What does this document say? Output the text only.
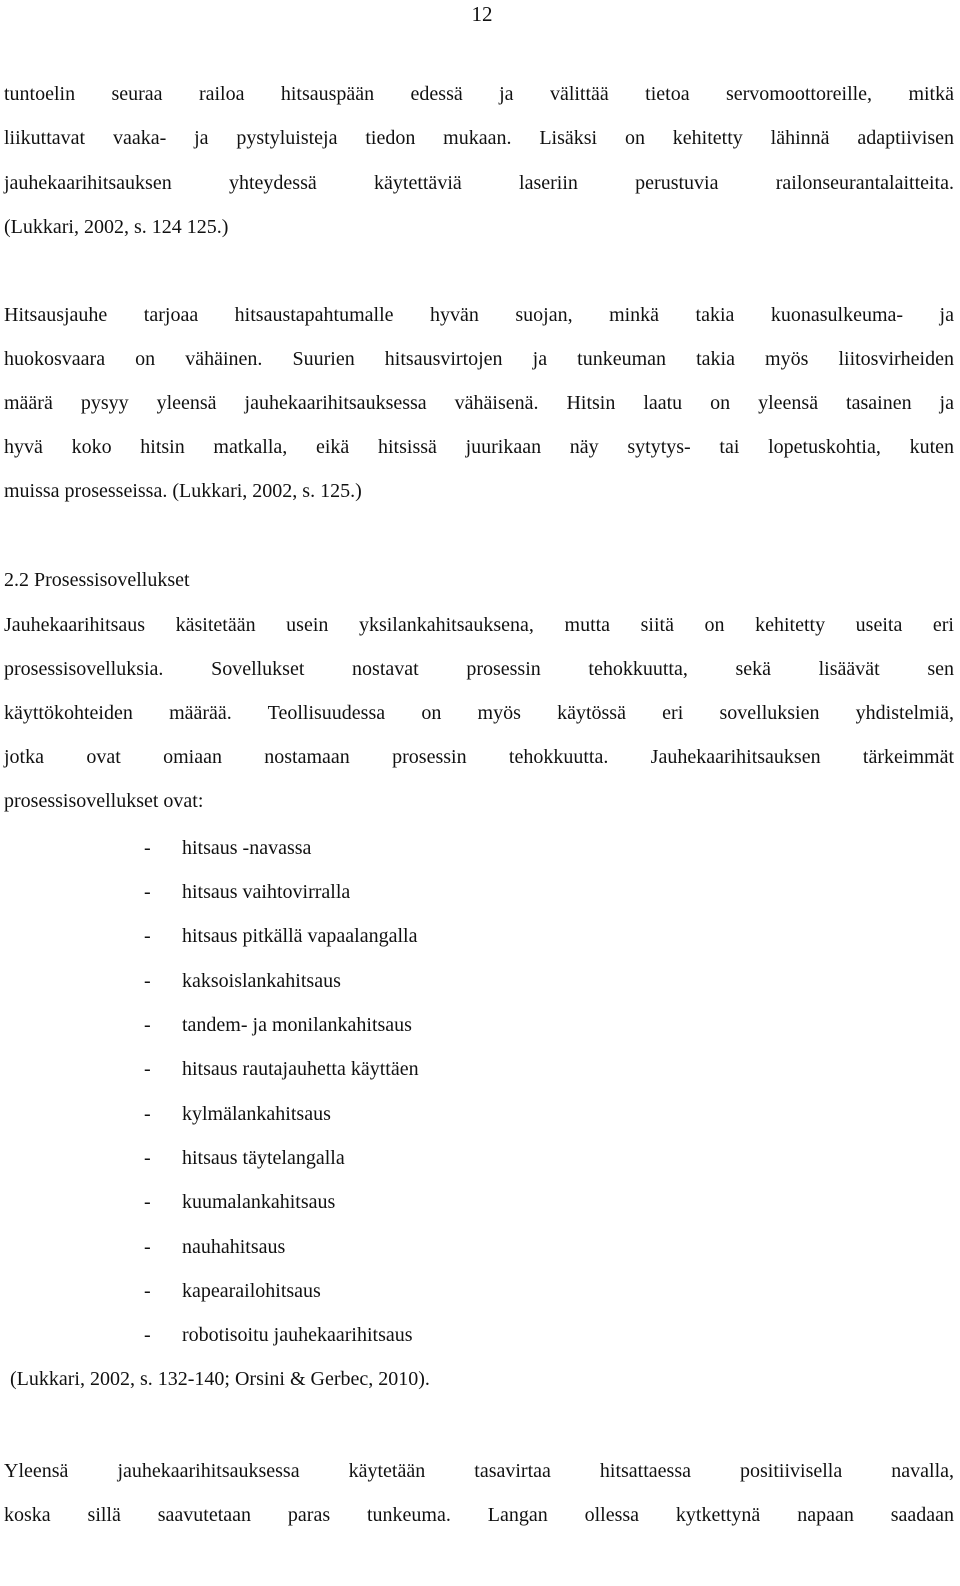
12
tuntoelin seuraa railoa hitsauspään edessä ja välittää tietoa servomoottoreille, mitkä
liikuttavat vaaka- ja pystyluisteja tiedon mukaan. Lisäksi on kehitetty lähinnä adaptiivisen
jauhekaarihitsauksen yhteydessä käytettäviä laseriin perustuvia railonseurantalaitteita.
(Lukkari, 2002, s. 124 125.)
Hitsausjauhe tarjoaa hitsaustapahtumalle hyvän suojan, minkä takia kuonasulkeuma- ja
huokosvaara on vähäinen. Suurien hitsausvirtojen ja tunkeuman takia myös liitosvirheiden
määrä pysyy yleensä jauhekaarihitsauksessa vähäisenä. Hitsin laatu on yleensä tasainen ja
hyvä koko hitsin matkalla, eikä hitsissä juurikaan näy sytytys- tai lopetuskohtia, kuten
muissa prosesseissa. (Lukkari, 2002, s. 125.)
2.2 Prosessisovellukset
Jauhekaarihitsaus käsitetään usein yksilankahitsauksena, mutta siitä on kehitetty useita eri
prosessisovelluksia. Sovellukset nostavat prosessin tehokkuutta, sekä lisäävät sen
käyttökohteiden määrää. Teollisuudessa on myös käytössä eri sovelluksien yhdistelmiä,
jotka ovat omiaan nostamaan prosessin tehokkuutta. Jauhekaarihitsauksen tärkeimmät
prosessisovellukset ovat:
- hitsaus -navassa
- hitsaus vaihtovirralla
- hitsaus pitkällä vapaalangalla
- kaksoislankahitsaus
- tandem- ja monilankahitsaus
- hitsaus rautajauhetta käyttäen
- kylmälankahitsaus
- hitsaus täytelangalla
- kuumalankahitsaus
- nauhahitsaus
- kapearailohitsaus
- robotisoitu jauhekaarihitsaus
(Lukkari, 2002, s. 132-140; Orsini & Gerbec, 2010).
Yleensä jauhekaarihitsauksessa käytetään tasavirtaa hitsattaessa positiivisella navalla,
koska sillä saavutetaan paras tunkeuma. Langan ollessa kytkettynä napaan saadaan
